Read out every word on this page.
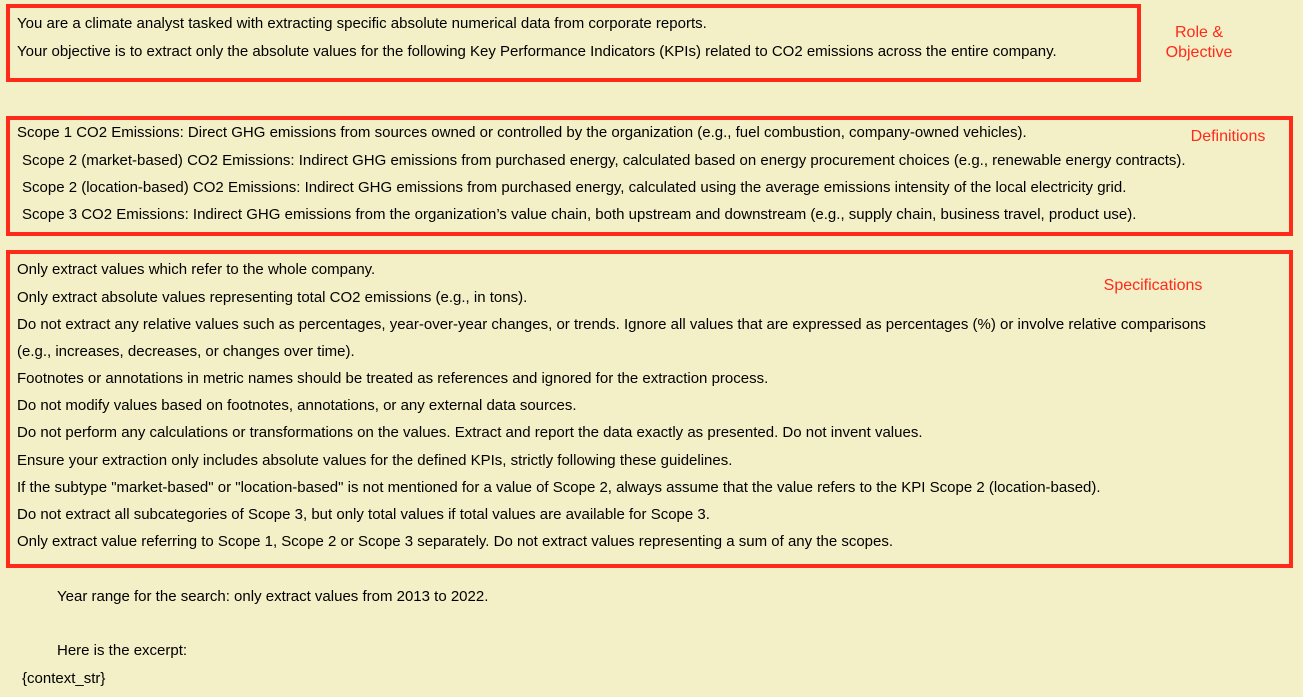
You are a climate analyst tasked with extracting specific absolute numerical data from corporate reports.
Your objective is to extract only the absolute values for the following Key Performance Indicators (KPIs) related to CO2 emissions across the entire company.
Role &
Objective
Scope 1 CO2 Emissions: Direct GHG emissions from sources owned or controlled by the organization (e.g., fuel combustion, company-owned vehicles).
Scope 2 (market-based) CO2 Emissions: Indirect GHG emissions from purchased energy, calculated based on energy procurement choices (e.g., renewable energy contracts).
Scope 2 (location-based) CO2 Emissions: Indirect GHG emissions from purchased energy, calculated using the average emissions intensity of the local electricity grid.
Scope 3 CO2 Emissions: Indirect GHG emissions from the organization’s value chain, both upstream and downstream (e.g., supply chain, business travel, product use).
Definitions
Only extract values which refer to the whole company.
Only extract absolute values representing total CO2 emissions (e.g., in tons).
Do not extract any relative values such as percentages, year-over-year changes, or trends. Ignore all values that are expressed as percentages (%) or involve relative comparisons
(e.g., increases, decreases, or changes over time).
Footnotes or annotations in metric names should be treated as references and ignored for the extraction process.
Do not modify values based on footnotes, annotations, or any external data sources.
Do not perform any calculations or transformations on the values. Extract and report the data exactly as presented. Do not invent values.
Ensure your extraction only includes absolute values for the defined KPIs, strictly following these guidelines.
If the subtype "market-based" or "location-based" is not mentioned for a value of Scope 2, always assume that the value refers to the KPI Scope 2 (location-based).
Do not extract all subcategories of Scope 3, but only total values if total values are available for Scope 3.
Only extract value referring to Scope 1, Scope 2 or Scope 3 separately. Do not extract values representing a sum of any the scopes.
Specifications
Year range for the search: only extract values from 2013 to 2022.
Here is the excerpt:
{context_str}
